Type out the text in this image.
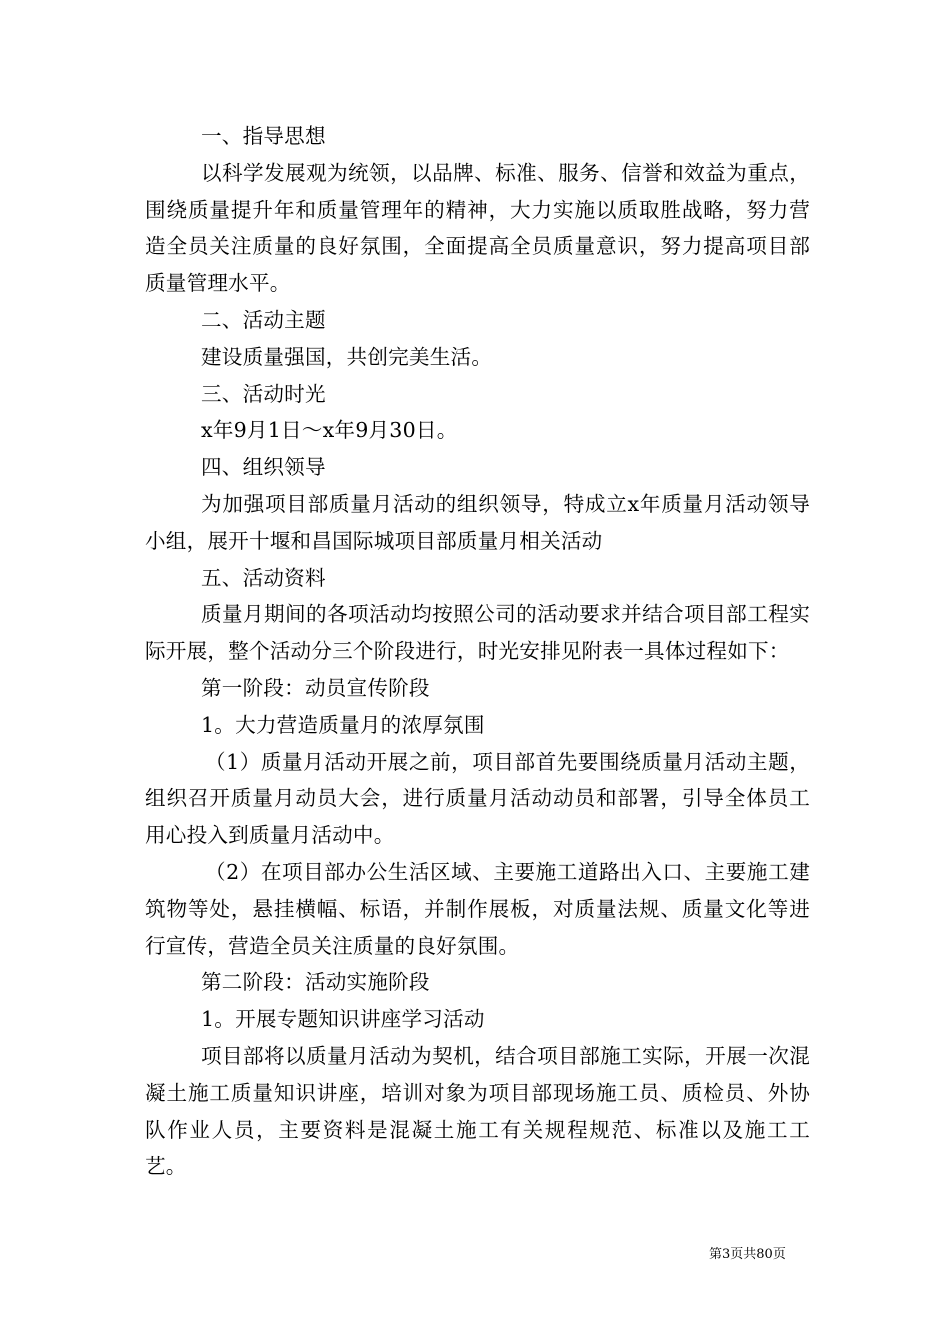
一、指导思想

以科学发展观为统领，以品牌、标准、服务、信誉和效益为重点，围绕质量提升年和质量管理年的精神，大力实施以质取胜战略，努力营造全员关注质量的良好氛围，全面提高全员质量意识，努力提高项目部质量管理水平。

二、活动主题

建设质量强国，共创完美生活。

三、活动时光

x年9月1日～x年9月30日。

四、组织领导

为加强项目部质量月活动的组织领导，特成立x年质量月活动领导小组，展开十堰和昌国际城项目部质量月相关活动

五、活动资料

质量月期间的各项活动均按照公司的活动要求并结合项目部工程实际开展，整个活动分三个阶段进行，时光安排见附表一具体过程如下：

第一阶段：动员宣传阶段

1。大力营造质量月的浓厚氛围

（1）质量月活动开展之前，项目部首先要围绕质量月活动主题，组织召开质量月动员大会，进行质量月活动动员和部署，引导全体员工用心投入到质量月活动中。

（2）在项目部办公生活区域、主要施工道路出入口、主要施工建筑物等处，悬挂横幅、标语，并制作展板，对质量法规、质量文化等进行宣传，营造全员关注质量的良好氛围。

第二阶段：活动实施阶段

1。开展专题知识讲座学习活动

项目部将以质量月活动为契机，结合项目部施工实际，开展一次混凝土施工质量知识讲座，培训对象为项目部现场施工员、质检员、外协队作业人员，主要资料是混凝土施工有关规程规范、标准以及施工工艺。

第3页共80页
